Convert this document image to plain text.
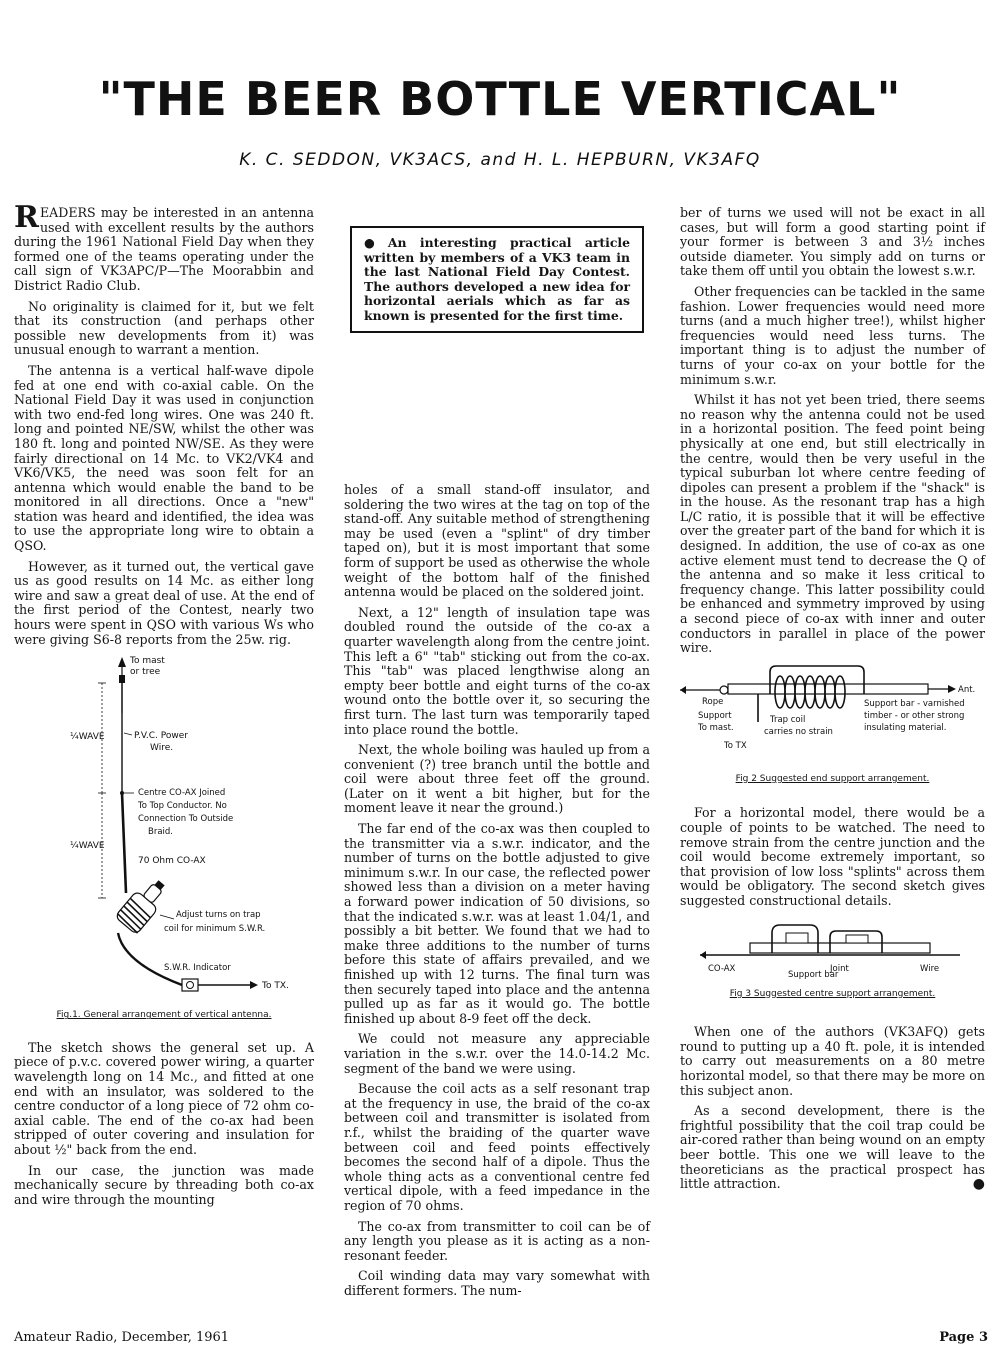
"THE BEER BOTTLE VERTICAL"
K. C. SEDDON, VK3ACS, and H. L. HEPBURN, VK3AFQ

READERS may be interested in an antenna used with excellent results by the authors during the 1961 National Field Day when they formed one of the teams operating under the call sign of VK3APC/P—The Moorabbin and District Radio Club.

No originality is claimed for it, but we felt that its construction (and perhaps other possible new developments from it) was unusual enough to warrant a mention.

The antenna is a vertical half-wave dipole fed at one end with co-axial cable. On the National Field Day it was used in conjunction with two end-fed long wires. One was 240 ft. long and pointed NE/SW, whilst the other was 180 ft. long and pointed NW/SE. As they were fairly directional on 14 Mc. to VK2/VK4 and VK6/VK5, the need was soon felt for an antenna which would enable the band to be monitored in all directions. Once a "new" station was heard and identified, the idea was to use the appropriate long wire to obtain a QSO.

However, as it turned out, the vertical gave us as good results on 14 Mc. as either long wire and saw a great deal of use. At the end of the first period of the Contest, nearly two hours were spent in QSO with various Ws who were giving S6-8 reports from the 25w. rig.

To mast
or tree
¼WAVE	P.V.C. Power
Wire.
Centre CO-AX Joined
To Top Conductor. No
Connection To Outside
Braid.
¼WAVE
70 Ohm CO-AX
Adjust turns on trap
coil for minimum S.W.R.
S.W.R. Indicator
To TX.
Fig.1. General arrangement of vertical antenna.

The sketch shows the general set up. A piece of p.v.c. covered power wiring, a quarter wavelength long on 14 Mc., and fitted at one end with an insulator, was soldered to the centre conductor of a long piece of 72 ohm co-axial cable. The end of the co-ax had been stripped of outer covering and insulation for about ½" back from the end.

In our case, the junction was made mechanically secure by threading both co-ax and wire through the mounting

● An interesting practical article written by members of a VK3 team in the last National Field Day Contest. The authors developed a new idea for horizontal aerials which as far as known is presented for the first time.

holes of a small stand-off insulator, and soldering the two wires at the tag on top of the stand-off. Any suitable method of strengthening may be used (even a "splint" of dry timber taped on), but it is most important that some form of support be used as otherwise the whole weight of the bottom half of the finished antenna would be placed on the soldered joint.

Next, a 12" length of insulation tape was doubled round the outside of the co-ax a quarter wavelength along from the centre joint. This left a 6" "tab" sticking out from the co-ax. This "tab" was placed lengthwise along an empty beer bottle and eight turns of the co-ax wound onto the bottle over it, so securing the first turn. The last turn was temporarily taped into place round the bottle.

Next, the whole boiling was hauled up from a convenient (?) tree branch until the bottle and coil were about three feet off the ground. (Later on it went a bit higher, but for the moment leave it near the ground.)

The far end of the co-ax was then coupled to the transmitter via a s.w.r. indicator, and the number of turns on the bottle adjusted to give minimum s.w.r. In our case, the reflected power showed less than a division on a meter having a forward power indication of 50 divisions, so that the indicated s.w.r. was at least 1.04/1, and possibly a bit better. We found that we had to make three additions to the number of turns before this state of affairs prevailed, and we finished up with 12 turns. The final turn was then securely taped into place and the antenna pulled up as far as it would go. The bottle finished up about 8-9 feet off the deck.

We could not measure any appreciable variation in the s.w.r. over the 14.0-14.2 Mc. segment of the band we were using.

Because the coil acts as a self resonant trap at the frequency in use, the braid of the co-ax between coil and transmitter is isolated from r.f., whilst the braiding of the quarter wave between coil and feed points effectively becomes the second half of a dipole. Thus the whole thing acts as a conventional centre fed vertical dipole, with a feed impedance in the region of 70 ohms.

The co-ax from transmitter to coil can be of any length you please as it is acting as a non-resonant feeder.

Coil winding data may vary somewhat with different formers. The num-

ber of turns we used will not be exact in all cases, but will form a good starting point if your former is between 3 and 3½ inches outside diameter. You simply add on turns or take them off until you obtain the lowest s.w.r.

Other frequencies can be tackled in the same fashion. Lower frequencies would need more turns (and a much higher tree!), whilst higher frequencies would need less turns. The important thing is to adjust the number of turns of your co-ax on your bottle for the minimum s.w.r.

Whilst it has not yet been tried, there seems no reason why the antenna could not be used in a horizontal position. The feed point being physically at one end, but still electrically in the centre, would then be very useful in the typical suburban lot where centre feeding of dipoles can present a problem if the "shack" is in the house. As the resonant trap has a high L/C ratio, it is possible that it will be effective over the greater part of the band for which it is designed. In addition, the use of co-ax as one active element must tend to decrease the Q of the antenna and so make it less critical to frequency change. This latter possibility could be enhanced and symmetry improved by using a second piece of co-ax with inner and outer conductors in parallel in place of the power wire.

Rope
Support
To mast.
To TX
Trap coil
carries no strain
Ant.
Support bar - varnished
timber - or other strong
insulating material.
Fig 2 Suggested end support arrangement.

For a horizontal model, there would be a couple of points to be watched. The need to remove strain from the centre junction and the coil would become extremely important, so that provision of low loss "splints" across them would be obligatory. The second sketch gives suggested constructional details.

CO-AX
Support bar
Joint	Wire
Fig 3 Suggested centre support arrangement.

When one of the authors (VK3AFQ) gets round to putting up a 40 ft. pole, it is intended to carry out measurements on a 80 metre horizontal model, so that there may be more on this subject anon.

As a second development, there is the frightful possibility that the coil trap could be air-cored rather than being wound on an empty beer bottle. This one we will leave to the theoreticians as the practical prospect has little attraction.	●

Amateur Radio, December, 1961	Page 3
